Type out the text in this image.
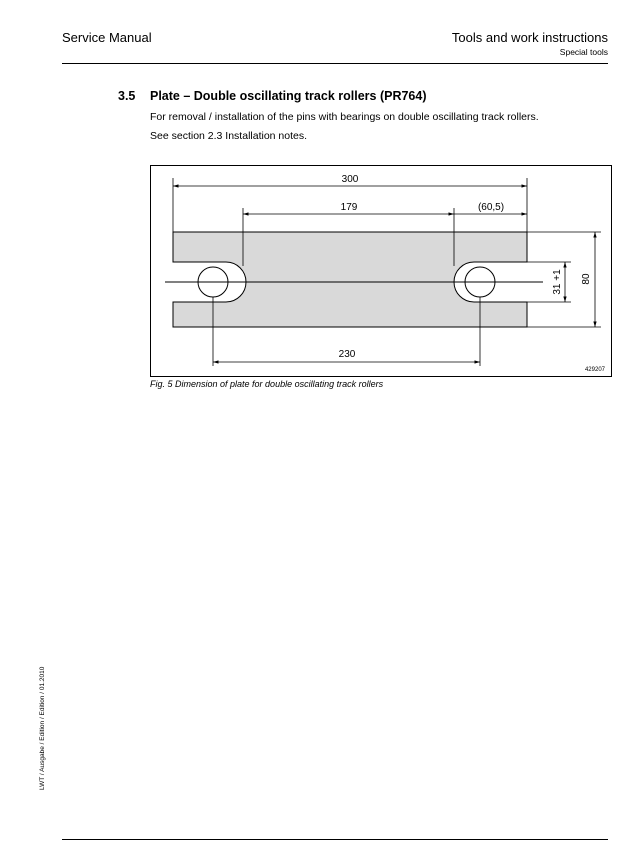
Service Manual	Tools and work instructions
Special tools
3.5 Plate – Double oscillating track rollers (PR764)
For removal / installation of the pins with bearings on double oscillating track rollers.
See section 2.3 Installation notes.
300
179	(60,5)
230
31 +1 80
429207
Fig. 5 Dimension of plate for double oscillating track rollers
LWT / Ausgabe / Edition / Edition / 01.2010
